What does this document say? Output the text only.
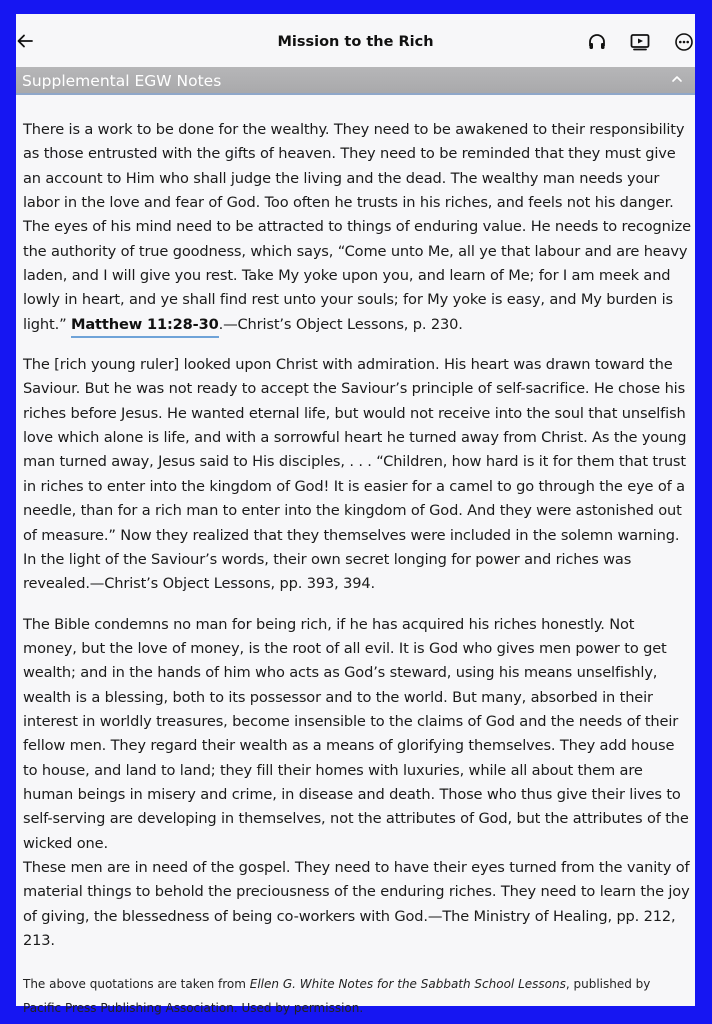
Mission to the Rich
Supplemental EGW Notes

There is a work to be done for the wealthy. They need to be awakened to their responsibility as those entrusted with the gifts of heaven. They need to be reminded that they must give an account to Him who shall judge the living and the dead. The wealthy man needs your labor in the love and fear of God. Too often he trusts in his riches, and feels not his danger. The eyes of his mind need to be attracted to things of enduring value. He needs to recognize the authority of true goodness, which says, “Come unto Me, all ye that labour and are heavy laden, and I will give you rest. Take My yoke upon you, and learn of Me; for I am meek and lowly in heart, and ye shall find rest unto your souls; for My yoke is easy, and My burden is light.” Matthew 11:28-30.—Christ’s Object Lessons, p. 230.

The [rich young ruler] looked upon Christ with admiration. His heart was drawn toward the Saviour. But he was not ready to accept the Saviour’s principle of self-sacrifice. He chose his riches before Jesus. He wanted eternal life, but would not receive into the soul that unselfish love which alone is life, and with a sorrowful heart he turned away from Christ. As the young man turned away, Jesus said to His disciples, . . . “Children, how hard is it for them that trust in riches to enter into the kingdom of God! It is easier for a camel to go through the eye of a needle, than for a rich man to enter into the kingdom of God. And they were astonished out of measure.” Now they realized that they themselves were included in the solemn warning. In the light of the Saviour’s words, their own secret longing for power and riches was revealed.—Christ’s Object Lessons, pp. 393, 394.

The Bible condemns no man for being rich, if he has acquired his riches honestly. Not money, but the love of money, is the root of all evil. It is God who gives men power to get wealth; and in the hands of him who acts as God’s steward, using his means unselfishly, wealth is a blessing, both to its possessor and to the world. But many, absorbed in their interest in worldly treasures, become insensible to the claims of God and the needs of their fellow men. They regard their wealth as a means of glorifying themselves. They add house to house, and land to land; they fill their homes with luxuries, while all about them are human beings in misery and crime, in disease and death. Those who thus give their lives to self-serving are developing in themselves, not the attributes of God, but the attributes of the wicked one.

These men are in need of the gospel. They need to have their eyes turned from the vanity of material things to behold the preciousness of the enduring riches. They need to learn the joy of giving, the blessedness of being co-workers with God.—The Ministry of Healing, pp. 212, 213.

The above quotations are taken from Ellen G. White Notes for the Sabbath School Lessons, published by Pacific Press Publishing Association. Used by permission.
